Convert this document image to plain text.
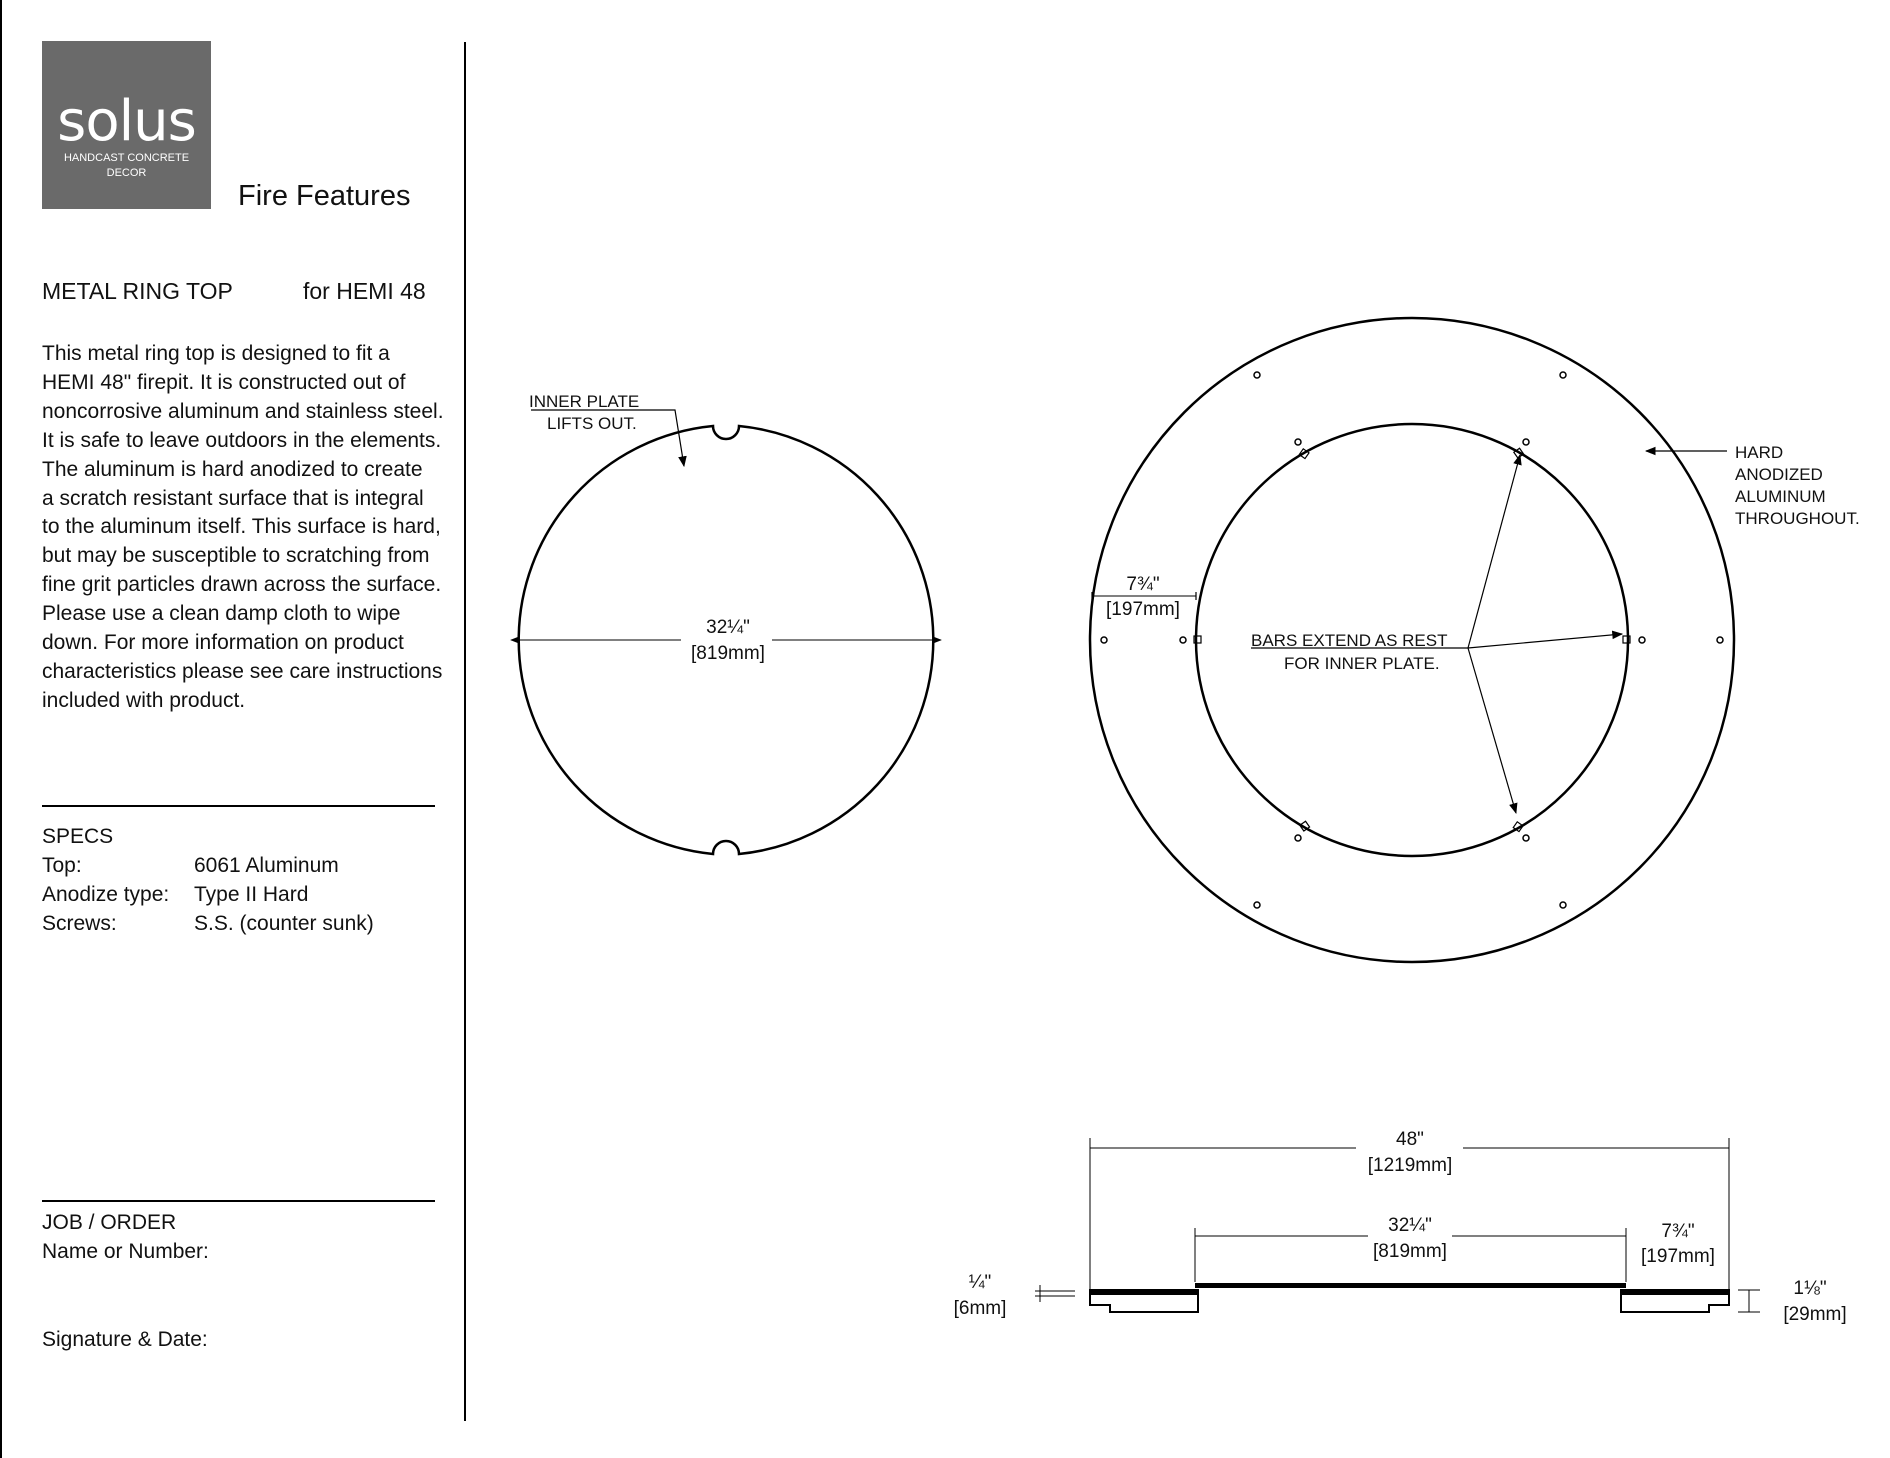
solus
HANDCAST CONCRETE DECOR
Fire Features
METAL RING TOP	for HEMI 48
This metal ring top is designed to fit a
HEMI 48" firepit. It is constructed out of
noncorrosive aluminum and stainless steel.
It is safe to leave outdoors in the elements.
The aluminum is hard anodized to create
a scratch resistant surface that is integral
to the aluminum itself. This surface is hard,
but may be susceptible to scratching from
fine grit particles drawn across the surface.
Please use a clean damp cloth to wipe
down. For more information on product
characteristics please see care instructions
included with product.
SPECS
Top:	6061 Aluminum
Anodize type: Type II Hard
Screws:	S.S. (counter sunk)
JOB / ORDER
Name or Number:
Signature & Date:
32¼"
[819mm]
INNER PLATE
LIFTS OUT.
BARS EXTEND AS REST
FOR INNER PLATE.
7¾"
[197mm]
HARD
ANODIZED
ALUMINUM
THROUGHOUT.
48"
[1219mm]
32¼"
[819mm]
7¾"
[197mm]
¼"
[6mm]
1⅛"
[29mm]
